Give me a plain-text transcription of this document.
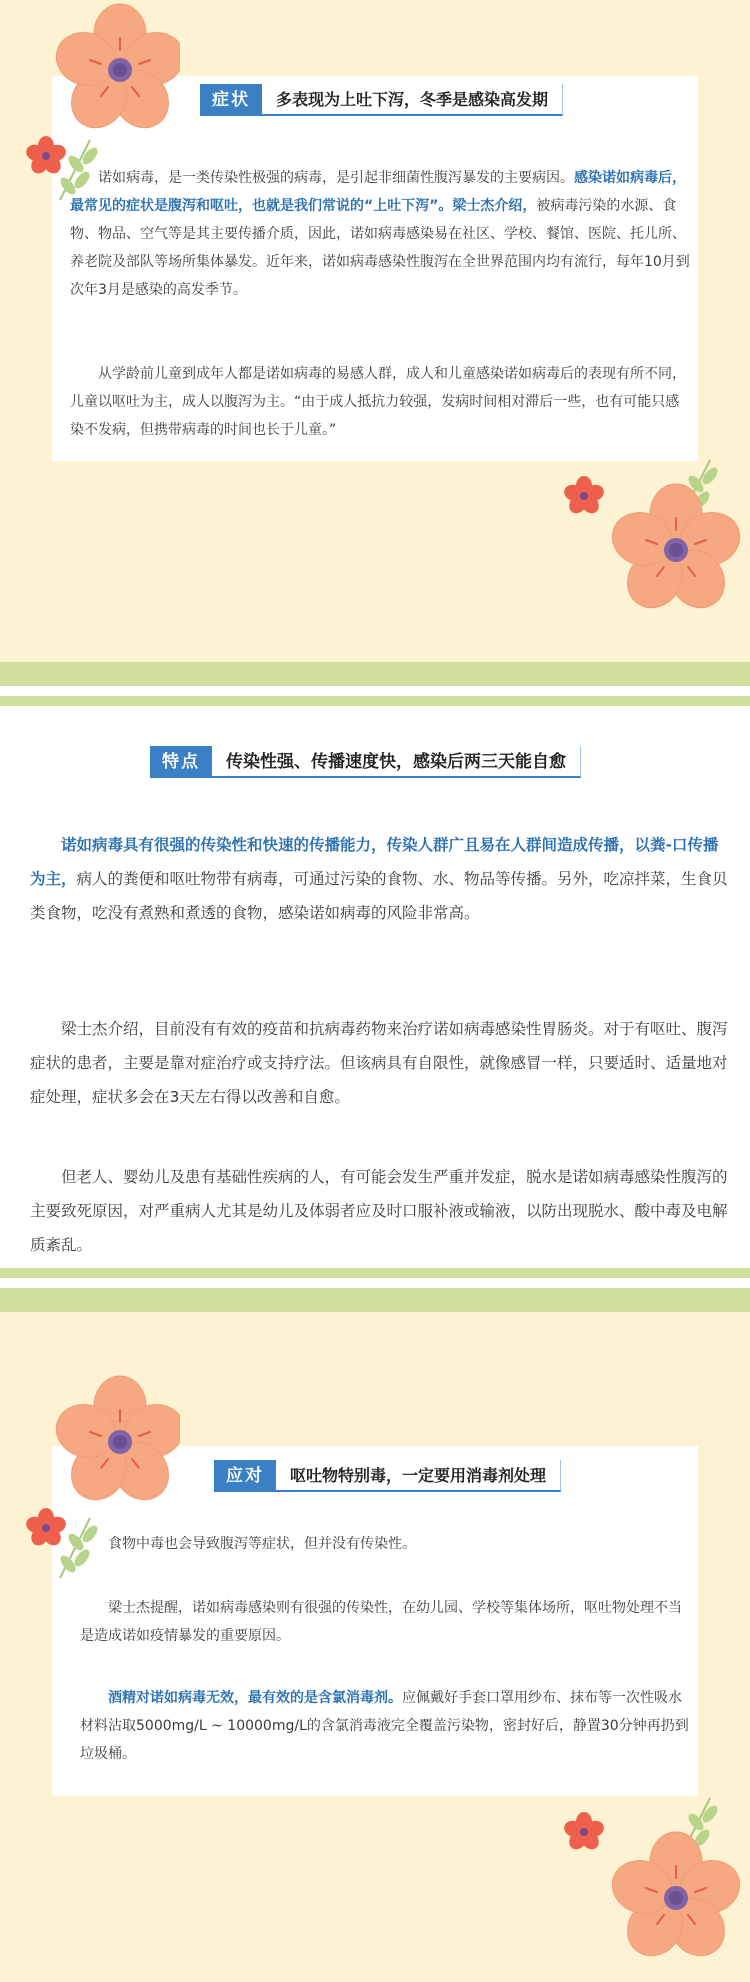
症状	多表现为上吐下泻，冬季是感染高发期

诺如病毒，是一类传染性极强的病毒，是引起非细菌性腹泻暴发的主要病因。感染诺如病毒后，最常见的症状是腹泻和呕吐，也就是我们常说的“上吐下泻”。梁士杰介绍，被病毒污染的水源、食物、物品、空气等是其主要传播介质，因此，诺如病毒感染易在社区、学校、餐馆、医院、托儿所、养老院及部队等场所集体暴发。近年来，诺如病毒感染性腹泻在全世界范围内均有流行，每年10月到次年3月是感染的高发季节。

从学龄前儿童到成年人都是诺如病毒的易感人群，成人和儿童感染诺如病毒后的表现有所不同，儿童以呕吐为主，成人以腹泻为主。“由于成人抵抗力较强，发病时间相对滞后一些，也有可能只感染不发病，但携带病毒的时间也长于儿童。”

特点	传染性强、传播速度快，感染后两三天能自愈

诺如病毒具有很强的传染性和快速的传播能力，传染人群广且易在人群间造成传播，以粪-口传播为主，病人的粪便和呕吐物带有病毒，可通过污染的食物、水、物品等传播。另外，吃凉拌菜，生食贝类食物，吃没有煮熟和煮透的食物，感染诺如病毒的风险非常高。

梁士杰介绍，目前没有有效的疫苗和抗病毒药物来治疗诺如病毒感染性胃肠炎。对于有呕吐、腹泻症状的患者，主要是靠对症治疗或支持疗法。但该病具有自限性，就像感冒一样，只要适时、适量地对症处理，症状多会在3天左右得以改善和自愈。

但老人、婴幼儿及患有基础性疾病的人，有可能会发生严重并发症，脱水是诺如病毒感染性腹泻的主要致死原因，对严重病人尤其是幼儿及体弱者应及时口服补液或输液，以防出现脱水、酸中毒及电解质紊乱。

应对	呕吐物特别毒，一定要用消毒剂处理

食物中毒也会导致腹泻等症状，但并没有传染性。

梁士杰提醒，诺如病毒感染则有很强的传染性，在幼儿园、学校等集体场所，呕吐物处理不当是造成诺如疫情暴发的重要原因。

酒精对诺如病毒无效，最有效的是含氯消毒剂。应佩戴好手套口罩用纱布、抹布等一次性吸水材料沾取5000mg/L ~ 10000mg/L的含氯消毒液完全覆盖污染物，密封好后，静置30分钟再扔到垃圾桶。
